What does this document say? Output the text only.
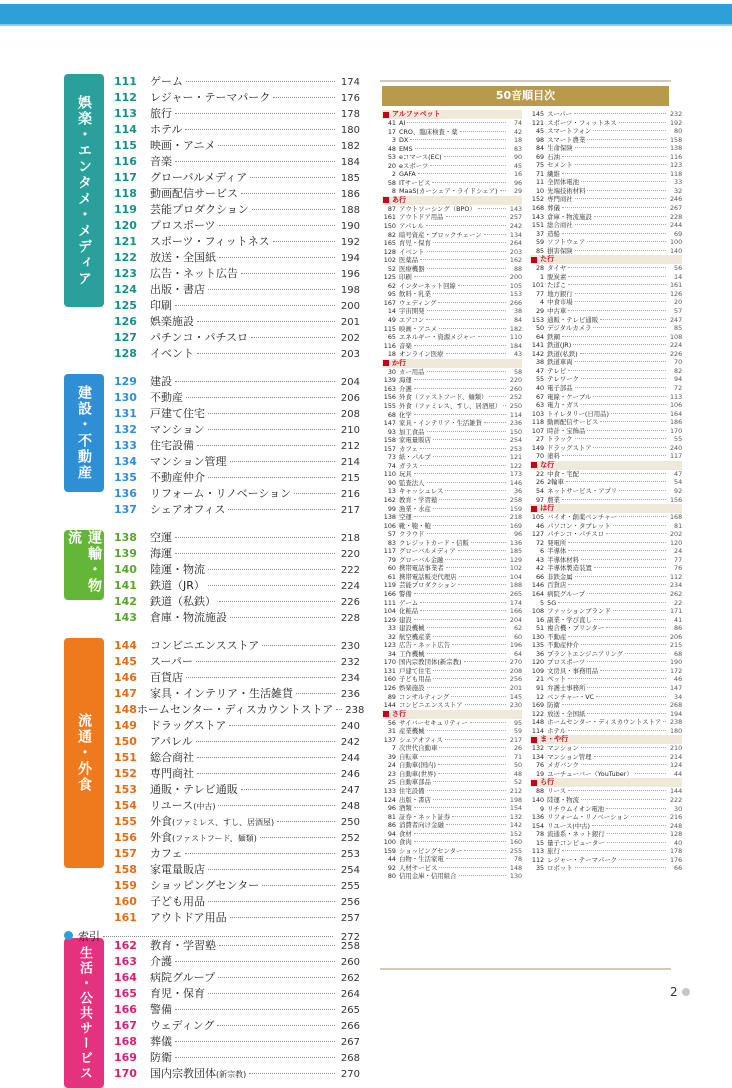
娯楽・エンタメ・メディア
111	ゲーム	174
112	レジャー・テーマパーク	176
113	旅行	178
114	ホテル	180
115	映画・アニメ	182
116	音楽	184
117	グローバルメディア	185
118	動画配信サービス	186
119	芸能プロダクション	188
120	プロスポーツ	190
121	スポーツ・フィットネス	192
122	放送・全国紙	194
123	広告・ネット広告	196
124	出版・書店	198
125	印刷	200
126	娯楽施設	201
127	パチンコ・パチスロ	202
128	イベント	203
建設・不動産
129	建設	204
130	不動産	206
131	戸建て住宅	208
132	マンション	210
133	住宅設備	212
134	マンション管理	214
135	不動産仲介	215
136	リフォーム・リノベーション	216
137	シェアオフィス	217
運輸・物流	138	空運	218
139	海運	220
140	陸運・物流	222
141	鉄道（JR）	224
142	鉄道（私鉄）	226
143	倉庫・物流施設	228
流通・外食
144	コンビニエンスストア	230
145	スーパー	232
146	百貨店	234
147	家具・インテリア・生活雑貨	236
148 ホームセンター・ディスカウントストア 238
149	ドラッグストア	240
150	アパレル	242
151	総合商社	244
152	専門商社	246
153	通販・テレビ通販	247
154	リユース(中古)	248
155	外食(ファミレス、すし、居酒屋)	250
156	外食(ファストフード、麺類)	252
157	カフェ	253
158	家電量販店	254
159	ショッピングセンター	255
160	子ども用品	256
161	アウトドア用品	257
生活・公共サービス 162	教育・学習塾	258
163	介護	260
164	病院グループ	262
165	育児・保育	264
166	警備	265
167	ウェディング	266
168	葬儀	267
169	防衛	268
170	国内宗教団体(新宗教)	270
索引	272
50音順目次
アルファベット
41 AI	74
17 CRO、臨床検査・薬	42
3 DX	18
48 EMS	83
53 eコマース(EC)	90
20 eスポーツ	45
2 GAFA	16
58 ITサービス	96
8 MaaS(カーシェア・ライドシェア)	29
あ行
87 アウトソーシング（BPO）	143
161 アウトドア用品	257
150 アパレル	242
82 暗号資産・ブロックチェーン	134
165 育児・保育	264
128 イベント	203
102 医薬品	162
52 医療機器	88
125 印刷	200
62 インターネット回線	105
95 飲料・乳業	153
167 ウェディング	266
14 宇宙開発	38
49 エアコン	84
115 映画・アニメ	182
65 エネルギー・資源メジャー	110
116 音楽	184
18 オンライン医療	43
か行
30 カー用品	58
139 海運	220
163 介護	260
156 外食（ファストフード、麺類）	252
155 外食（ファミレス、すし、居酒屋） 250
68 化学	114
147 家具・インテリア・生活雑貨	236
93 加工食品	150
158 家電量販店	254
157 カフェ	253
73 紙・パルプ	121
74 ガラス	122
110 玩具	173
90 監査法人	146
13 キャッシュレス	36
162 教育・学習塾	258
99 漁業・水産	159
138 空運	218
106 靴・鞄・鞄	169
57 クラウド	96
83 クレジットカード・信販	136
117 グローバルメディア	185
79 グローバル金融	129
60 携帯電話事業者	102
61 携帯電話販売代理店	104
119 芸能プロダクション	188
166 警備	265
111 ゲーム	174
104 化粧品	166
129 建設	204
33 建設機械	62
32 航空機産業	60
123 広告・ネット広告	196
34 工作機械	64
170 国内宗教団体(新宗教)	270
131 戸建て住宅	208
160 子ども用品	256
126 娯楽施設	201
89 コンサルティング	145
144 コンビニエンスストア	230
さ行
56 サイバーセキュリティー	95
31 産業機械	59
137 シェアオフィス	217
7 次世代自動車	26
39 自転車	71
24 自動車(国内)	50
23 自動車(世界)	48
25 自動車部品	52
133 住宅設備	212
124 出版・書店	198
96 酒類	154
81 証券・ネット証券	132
86 消費者向け金融	142
94 食材	152
100 食肉	160
159 ショッピングセンター	255
44 白物・生活家電	78
92 人材サービス	148
80 信用金庫・信用組合	130
145 スーパー	232
121 スポーツ・フィットネス	192
45 スマートフォン	80
98 スマート農業	158
84 生命保険	138
69 石油	116
75 セメント	123
71 繊維	118
11 全固体電池	33
10 先端技術材料	32
152 専門商社	246
168 葬儀	267
143 倉庫・物流施設	228
151 総合商社	244
37 造船	69
59 ソフトウェア	100
85 損害保険	140
た行
28 タイヤ	56
1 脱炭素	14
101 たばこ	161
77 地方銀行	126
4 中食市場	20
29 中古車	57
153 通販・テレビ通販	247
50 デジタルカメラ	85
64 鉄鋼	108
141 鉄道(JR)	224
142 鉄道(私鉄)	226
38 鉄道車両	70
47 テレビ	82
55 テレワーク	94
40 電子部品	72
67 電線・ケーブル	113
63 電力・ガス	106
103 トイレタリー(日用品)	164
118 動画配信サービス	186
107 時計・宝飾品	170
27 トラック	55
149 ドラッグストア	240
70 塗料	117
な行
22 中食・宅配	47
26 2輪車	54
54 ネットサービス・アプリ	92
97 農業	156
は行
105 バイオ・創薬ベンチャー	168
46 パソコン・タブレット	81
127 パチンコ・パチスロ	202
72 発電所	120
6 半導体	24
43 半導体材料	77
42 半導体製造装置	76
66 非鉄金属	112
146 百貨店	234
164 病院グループ	262
5 5G	22
108 ファッションブランド	171
16 副業・学び直し	41
51 複合機・プリンター	86
130 不動産	206
135 不動産仲介	215
36 プラントエンジニアリング	68
120 プロスポーツ	190
109 文房具・事務用品	172
21 ペット	46
91 弁護士事務所	147
12 ベンチャー・VC	34
169 防衛	268
122 放送・全国紙	194
148 ホームセンター・ディスカウントストア 238
114 ホテル	180
ま・や行
132 マンション	210
134 マンション管理	214
76 メガバンク	124
19 ユーチューバー（YouTuber）	44
ら行
88 リース	144
140 陸運・物流	222
9 リチウムイオン電池	30
136 リフォーム・リノベーション	216
154 リユース(中古)	248
78 流通系・ネット銀行	128
15 量子コンピューター	40
113 旅行	178
112 レジャー・テーマパーク	176
35 ロボット	66
2
